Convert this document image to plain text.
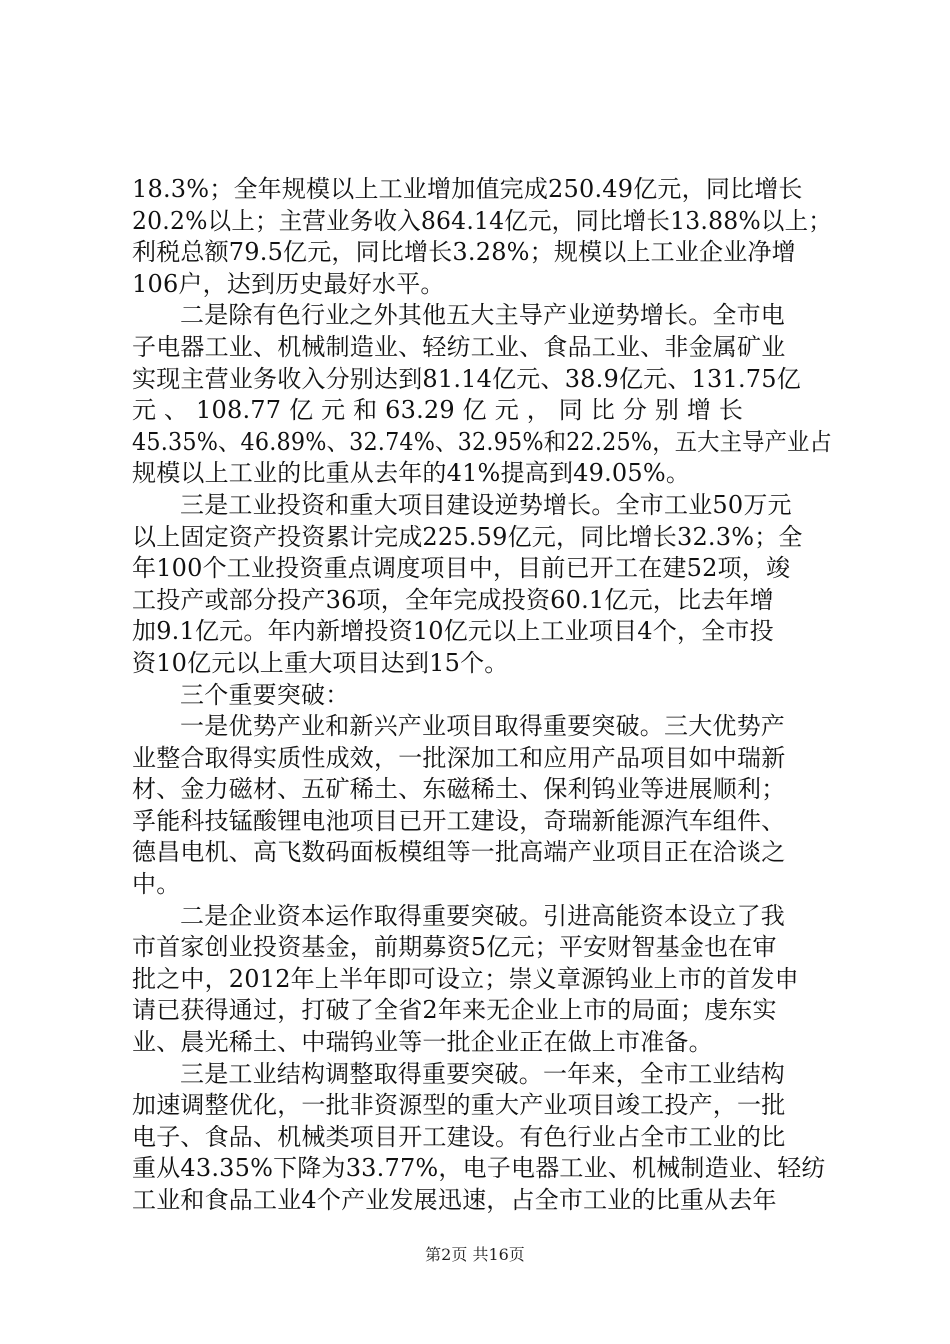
18.3%；全年规模以上工业增加值完成250.49亿元，同比增长
20.2%以上；主营业务收入864.14亿元，同比增长13.88%以上；
利税总额79.5亿元，同比增长3.28%；规模以上工业企业净增
106户，达到历史最好水平。
二是除有色行业之外其他五大主导产业逆势增长。全市电
子电器工业、机械制造业、轻纺工业、食品工业、非金属矿业
实现主营业务收入分别达到81.14亿元、38.9亿元、131.75亿
元 、 108.77 亿 元 和 63.29 亿 元 ， 同 比 分 别 增 长
45.35%、46.89%、32.74%、32.95%和22.25%，五大主导产业占
规模以上工业的比重从去年的41%提高到49.05%。
三是工业投资和重大项目建设逆势增长。全市工业50万元
以上固定资产投资累计完成225.59亿元，同比增长32.3%；全
年100个工业投资重点调度项目中，目前已开工在建52项，竣
工投产或部分投产36项，全年完成投资60.1亿元，比去年增
加9.1亿元。年内新增投资10亿元以上工业项目4个，全市投
资10亿元以上重大项目达到15个。
三个重要突破：
一是优势产业和新兴产业项目取得重要突破。三大优势产
业整合取得实质性成效，一批深加工和应用产品项目如中瑞新
材、金力磁材、五矿稀土、东磁稀土、保利钨业等进展顺利；
孚能科技锰酸锂电池项目已开工建设，奇瑞新能源汽车组件、
德昌电机、高飞数码面板模组等一批高端产业项目正在洽谈之
中。
二是企业资本运作取得重要突破。引进高能资本设立了我
市首家创业投资基金，前期募资5亿元；平安财智基金也在审
批之中，2012年上半年即可设立；崇义章源钨业上市的首发申
请已获得通过，打破了全省2年来无企业上市的局面；虔东实
业、晨光稀土、中瑞钨业等一批企业正在做上市准备。
三是工业结构调整取得重要突破。一年来，全市工业结构
加速调整优化，一批非资源型的重大产业项目竣工投产，一批
电子、食品、机械类项目开工建设。有色行业占全市工业的比
重从43.35%下降为33.77%，电子电器工业、机械制造业、轻纺
工业和食品工业4个产业发展迅速，占全市工业的比重从去年
第2页 共16页
